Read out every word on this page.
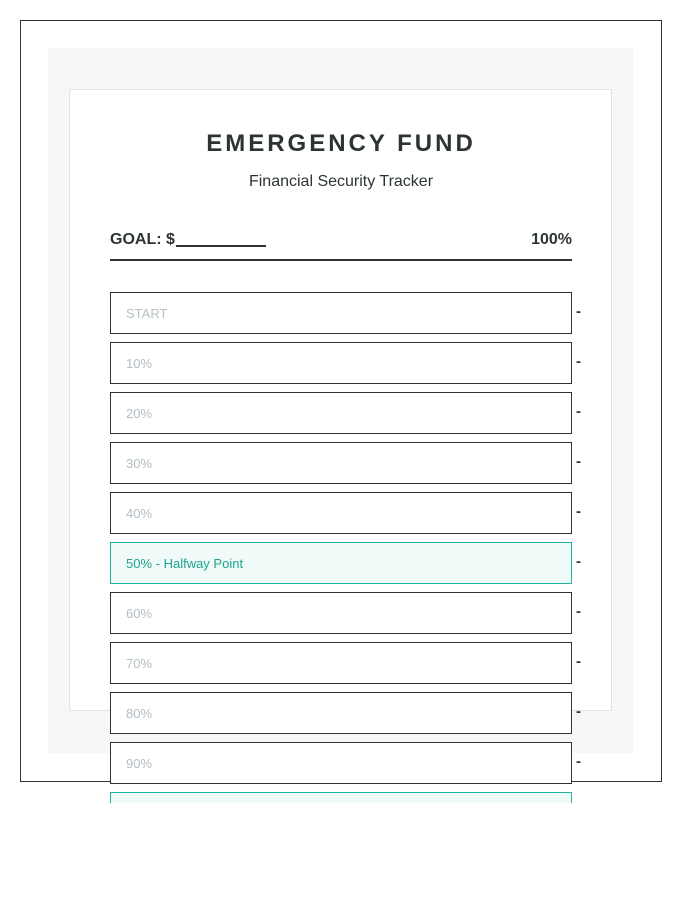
EMERGENCY FUND
Financial Security Tracker
GOAL: $	100%
START	-
10%	-
20%	-
30%	-
40%	-
50% - Halfway Point	-
60%	-
70%	-
80%	-
90%	-
